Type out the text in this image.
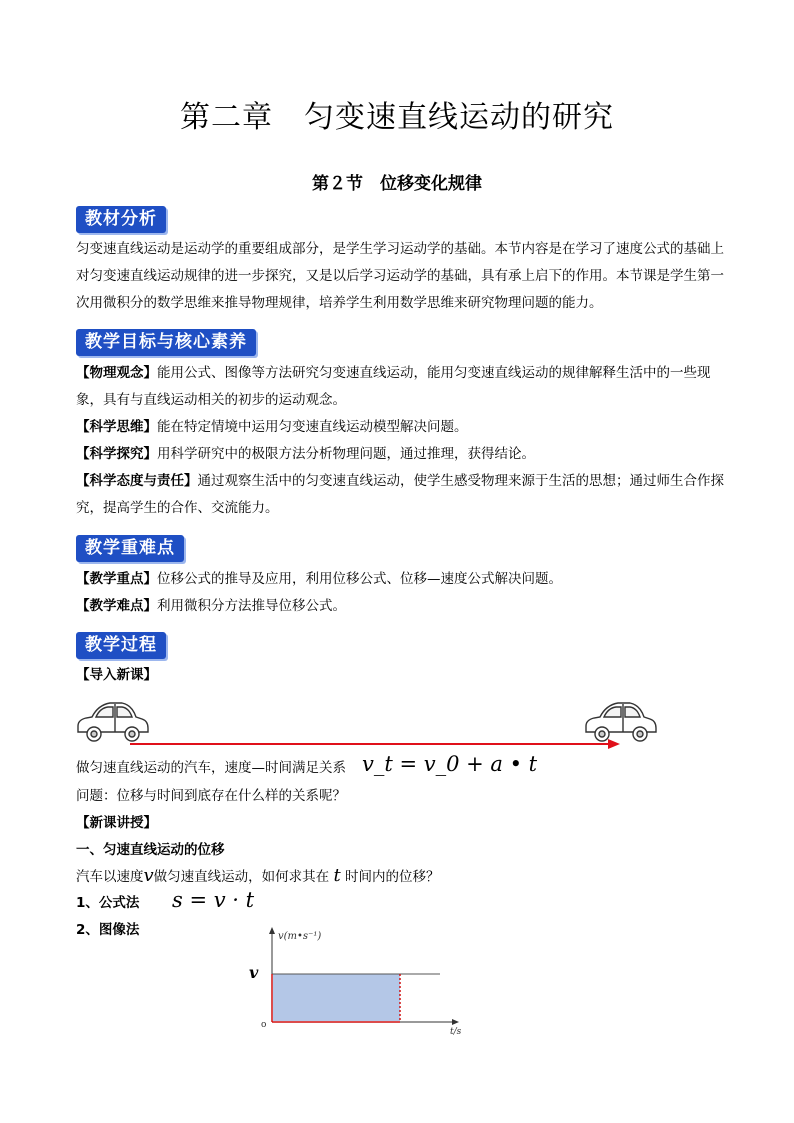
第二章　匀变速直线运动的研究
第２节　位移变化规律
教材分析
匀变速直线运动是运动学的重要组成部分，是学生学习运动学的基础。本节内容是在学习了速度公式的基础上对匀变速直线运动规律的进一步探究，又是以后学习运动学的基础，具有承上启下的作用。本节课是学生第一次用微积分的数学思维来推导物理规律，培养学生利用数学思维来研究物理问题的能力。
教学目标与核心素养
【物理观念】能用公式、图像等方法研究匀变速直线运动，能用匀变速直线运动的规律解释生活中的一些现象，具有与直线运动相关的初步的运动观念。
【科学思维】能在特定情境中运用匀变速直线运动模型解决问题。
【科学探究】用科学研究中的极限方法分析物理问题，通过推理，获得结论。
【科学态度与责任】通过观察生活中的匀变速直线运动，使学生感受物理来源于生活的思想；通过师生合作探究，提高学生的合作、交流能力。
教学重难点
【教学重点】位移公式的推导及应用，利用位移公式、位移—速度公式解决问题。
【教学难点】利用微积分方法推导位移公式。
教学过程
【导入新课】
做匀速直线运动的汽车，速度—时间满足关系 v_t = v_0 + a • t
问题：位移与时间到底存在什么样的关系呢？
【新课讲授】
一、匀速直线运动的位移
汽车以速度v做匀速直线运动，如何求其在 t 时间内的位移？
1、公式法 s = v · t
2、图像法	v(m•s⁻¹)
v
o
t/s
